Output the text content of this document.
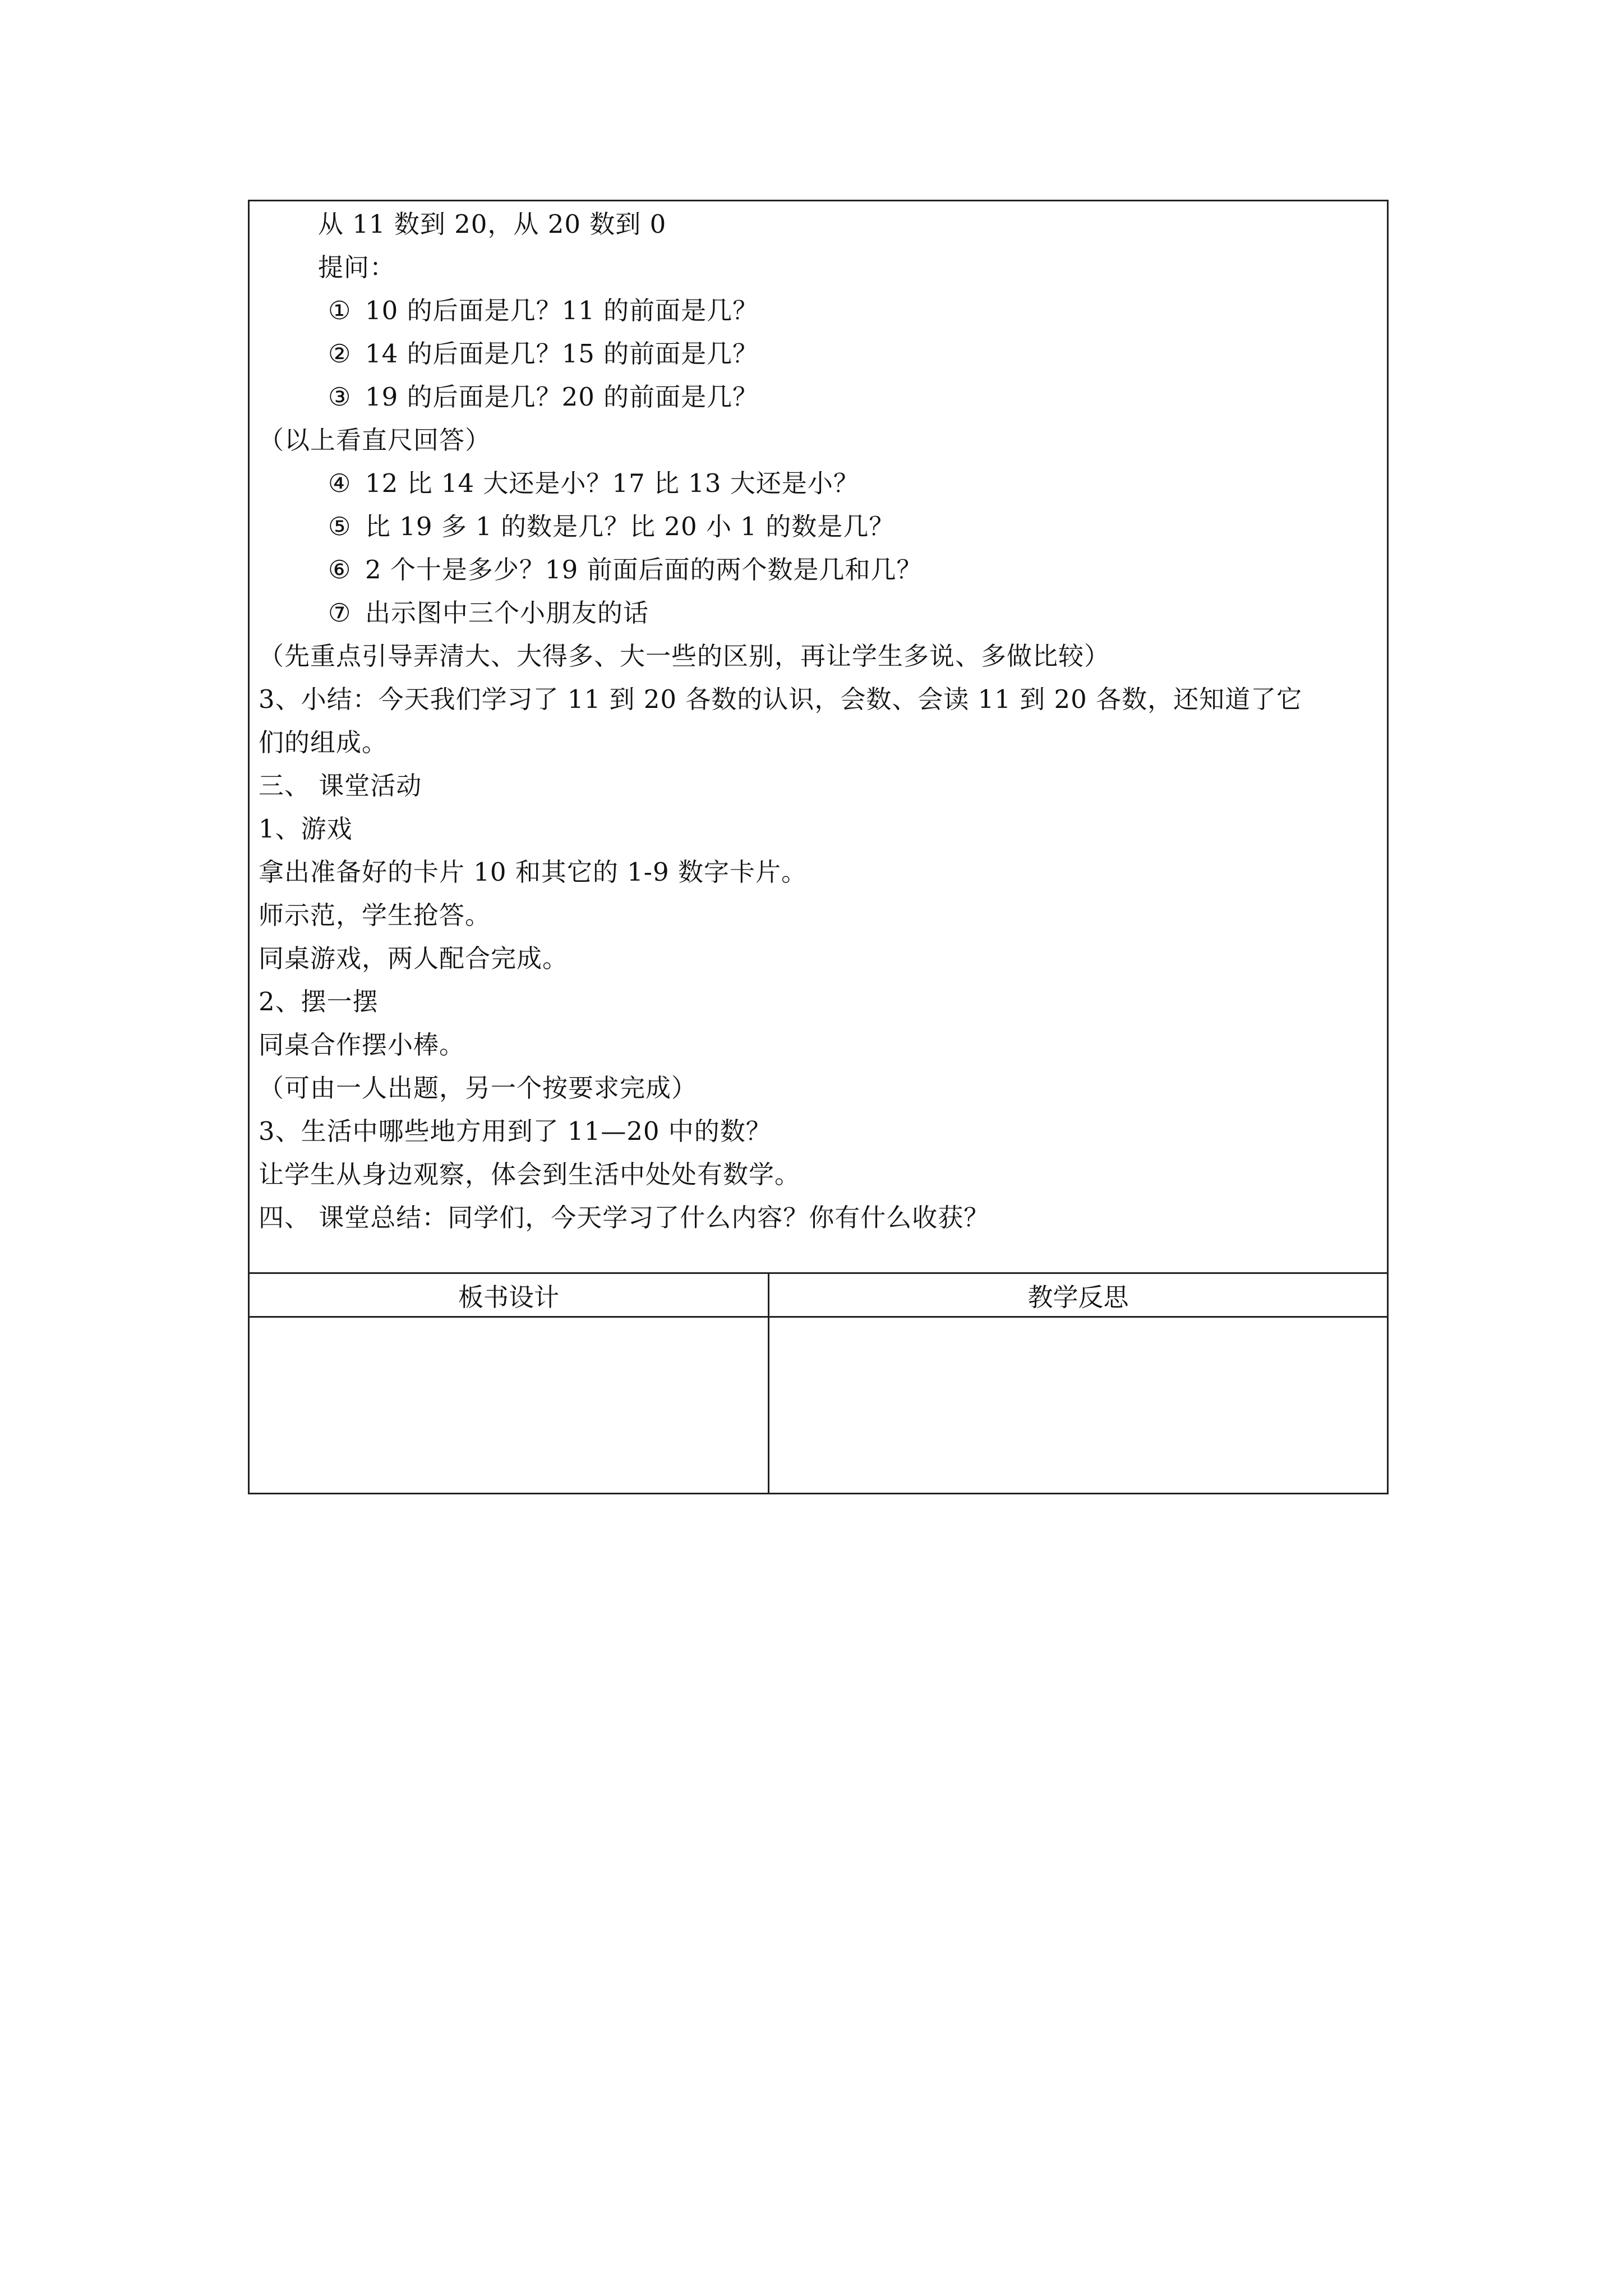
从 11 数到 20，从 20 数到 0
提问：
① 10 的后面是几？11 的前面是几？
② 14 的后面是几？15 的前面是几？
③ 19 的后面是几？20 的前面是几？
（以上看直尺回答）
④ 12 比 14 大还是小？17 比 13 大还是小？
⑤ 比 19 多 1 的数是几？比 20 小 1 的数是几？
⑥ 2 个十是多少？19 前面后面的两个数是几和几？
⑦ 出示图中三个小朋友的话
（先重点引导弄清大、大得多、大一些的区别，再让学生多说、多做比较）
3、小结：今天我们学习了 11 到 20 各数的认识，会数、会读 11 到 20 各数，还知道了它
们的组成。
三、 课堂活动
1、游戏
拿出准备好的卡片 10 和其它的 1-9 数字卡片。
师示范，学生抢答。
同桌游戏，两人配合完成。
2、摆一摆
同桌合作摆小棒。
（可由一人出题，另一个按要求完成）
3、生活中哪些地方用到了 11—20 中的数？
让学生从身边观察，体会到生活中处处有数学。
四、 课堂总结：同学们，今天学习了什么内容？你有什么收获？
板书设计	教学反思
